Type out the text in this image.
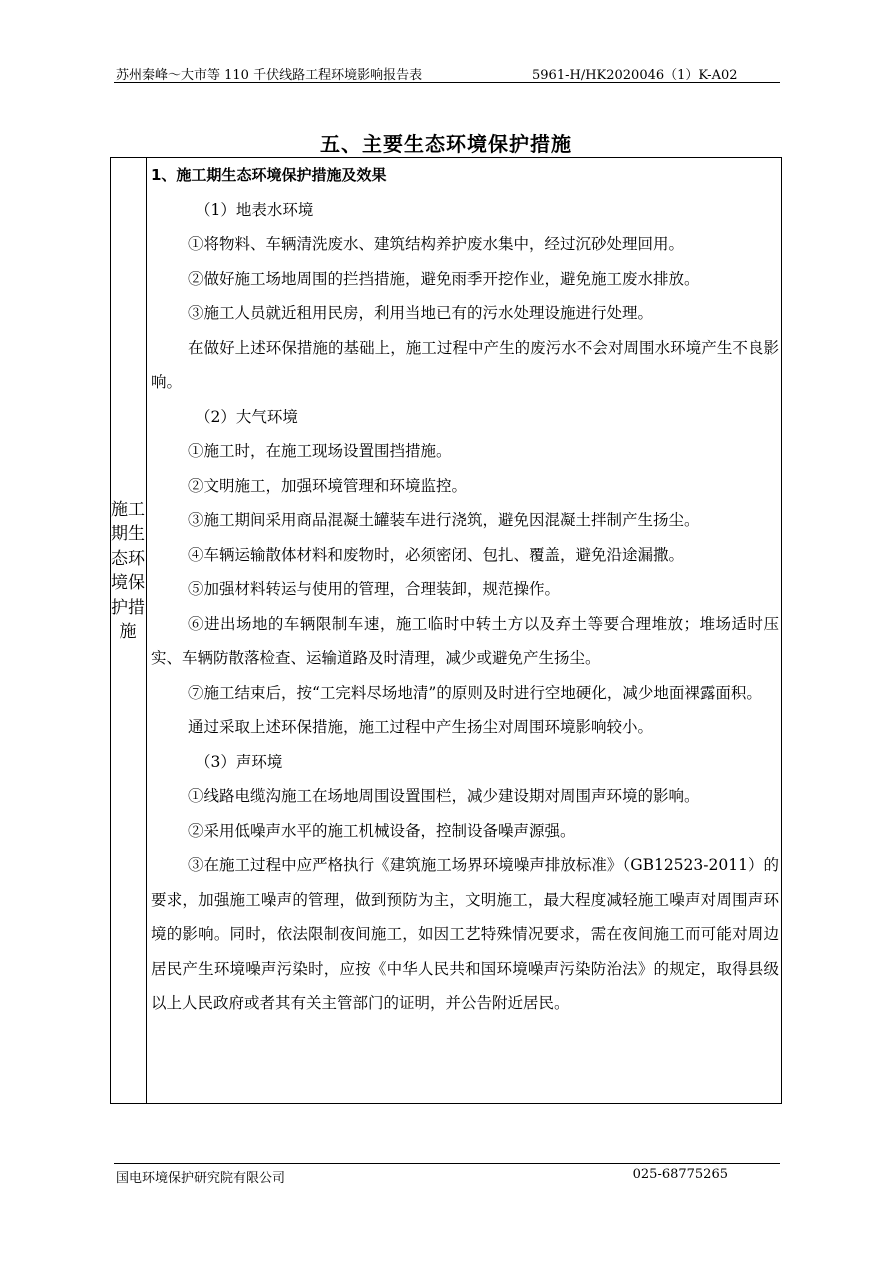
苏州秦峰～大市等 110 千伏线路工程环境影响报告表	5961-H/HK2020046（1）K-A02
五、主要生态环境保护措施
施工期生态环境保护措施

1、施工期生态环境保护措施及效果

（1）地表水环境

①将物料、车辆清洗废水、建筑结构养护废水集中，经过沉砂处理回用。

②做好施工场地周围的拦挡措施，避免雨季开挖作业，避免施工废水排放。

③施工人员就近租用民房，利用当地已有的污水处理设施进行处理。

在做好上述环保措施的基础上，施工过程中产生的废污水不会对周围水环境产生不良影响。

（2）大气环境

①施工时，在施工现场设置围挡措施。

②文明施工，加强环境管理和环境监控。

③施工期间采用商品混凝土罐装车进行浇筑，避免因混凝土拌制产生扬尘。

④车辆运输散体材料和废物时，必须密闭、包扎、覆盖，避免沿途漏撒。

⑤加强材料转运与使用的管理，合理装卸，规范操作。

⑥进出场地的车辆限制车速，施工临时中转土方以及弃土等要合理堆放；堆场适时压实、车辆防散落检查、运输道路及时清理，减少或避免产生扬尘。

⑦施工结束后，按“工完料尽场地清”的原则及时进行空地硬化，减少地面裸露面积。

通过采取上述环保措施，施工过程中产生扬尘对周围环境影响较小。

（3）声环境

①线路电缆沟施工在场地周围设置围栏，减少建设期对周围声环境的影响。

②采用低噪声水平的施工机械设备，控制设备噪声源强。

③在施工过程中应严格执行《建筑施工场界环境噪声排放标准》（GB12523-2011）的要求，加强施工噪声的管理，做到预防为主，文明施工，最大程度减轻施工噪声对周围声环境的影响。同时，依法限制夜间施工，如因工艺特殊情况要求，需在夜间施工而可能对周边居民产生环境噪声污染时，应按《中华人民共和国环境噪声污染防治法》的规定，取得县级以上人民政府或者其有关主管部门的证明，并公告附近居民。

国电环境保护研究院有限公司	025-68775265
